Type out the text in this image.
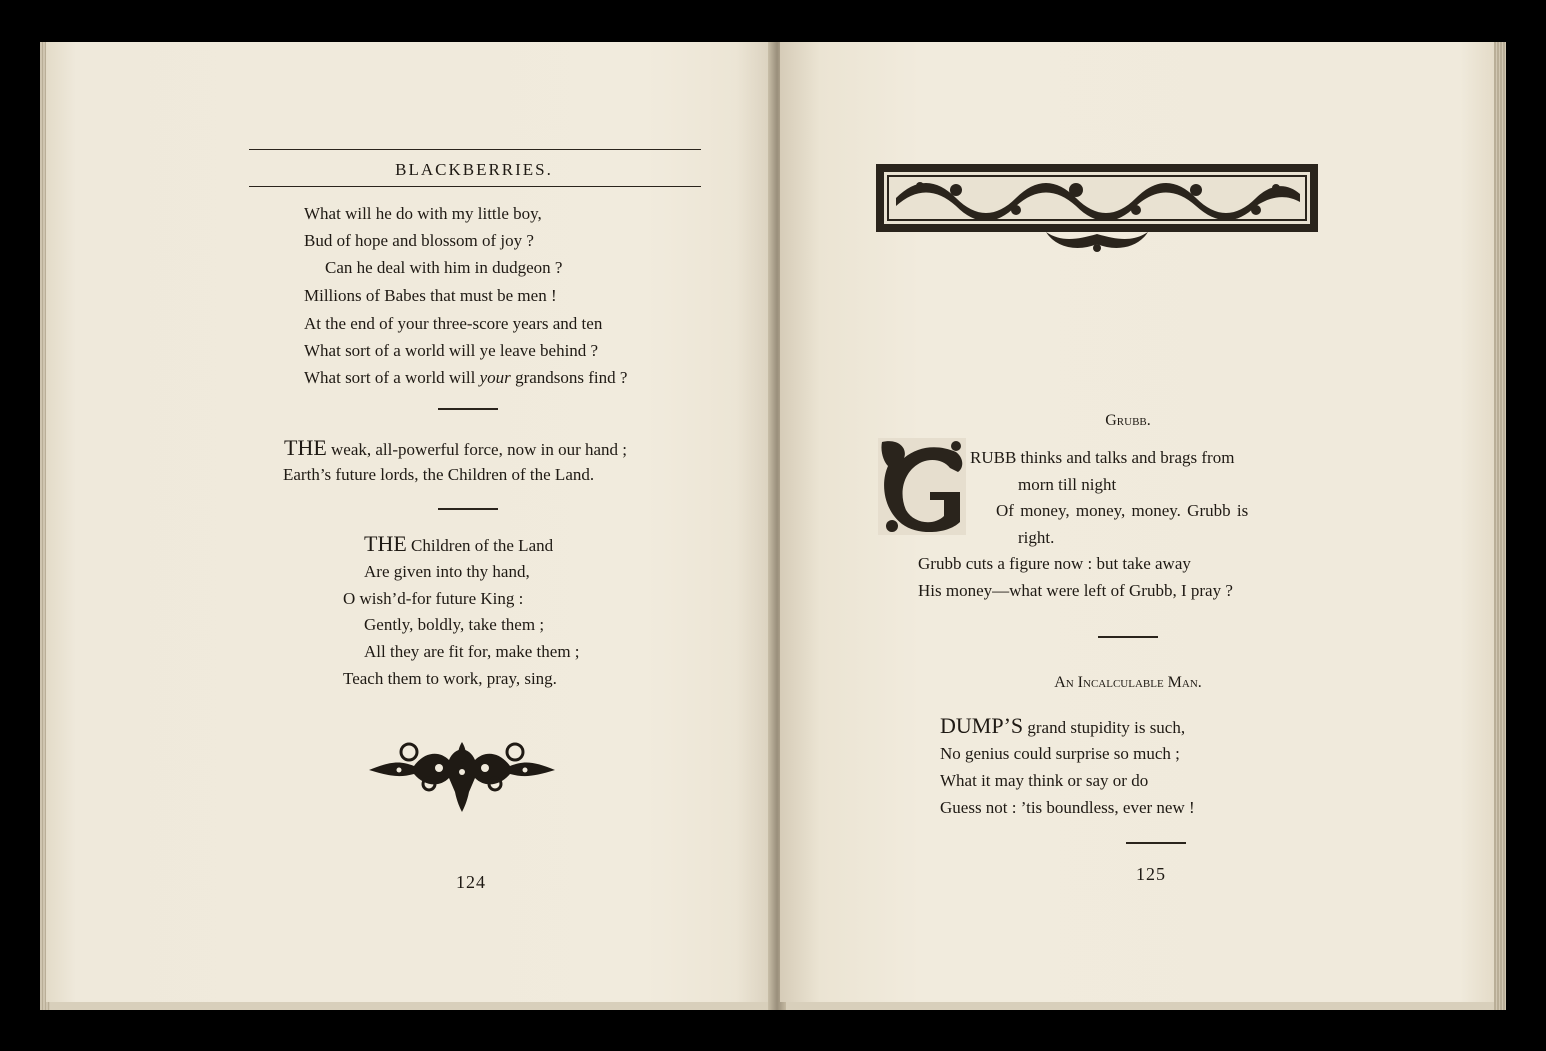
BLACKBERRIES.
What will he do with my little boy,
Bud of hope and blossom of joy ?
Can he deal with him in dudgeon ?
Millions of Babes that must be men !
At the end of your three-score years and ten
What sort of a world will ye leave behind ?
What sort of a world will your grandsons find ?
THE weak, all-powerful force, now in our hand ;
Earth’s future lords, the Children of the Land.
THE Children of the Land
Are given into thy hand,
O wish’d-for future King :
Gently, boldly, take them ;
All they are fit for, make them ;
Teach them to work, pray, sing.
124
Grubb.
RUBB thinks and talks and brags from
morn till night
Of money, money, money. Grubb is
right.
Grubb cuts a figure now : but take away
His money—what were left of Grubb, I pray ?
An Incalculable Man.
DUMP’S grand stupidity is such,
No genius could surprise so much ;
What it may think or say or do
Guess not : ’tis boundless, ever new !
125
